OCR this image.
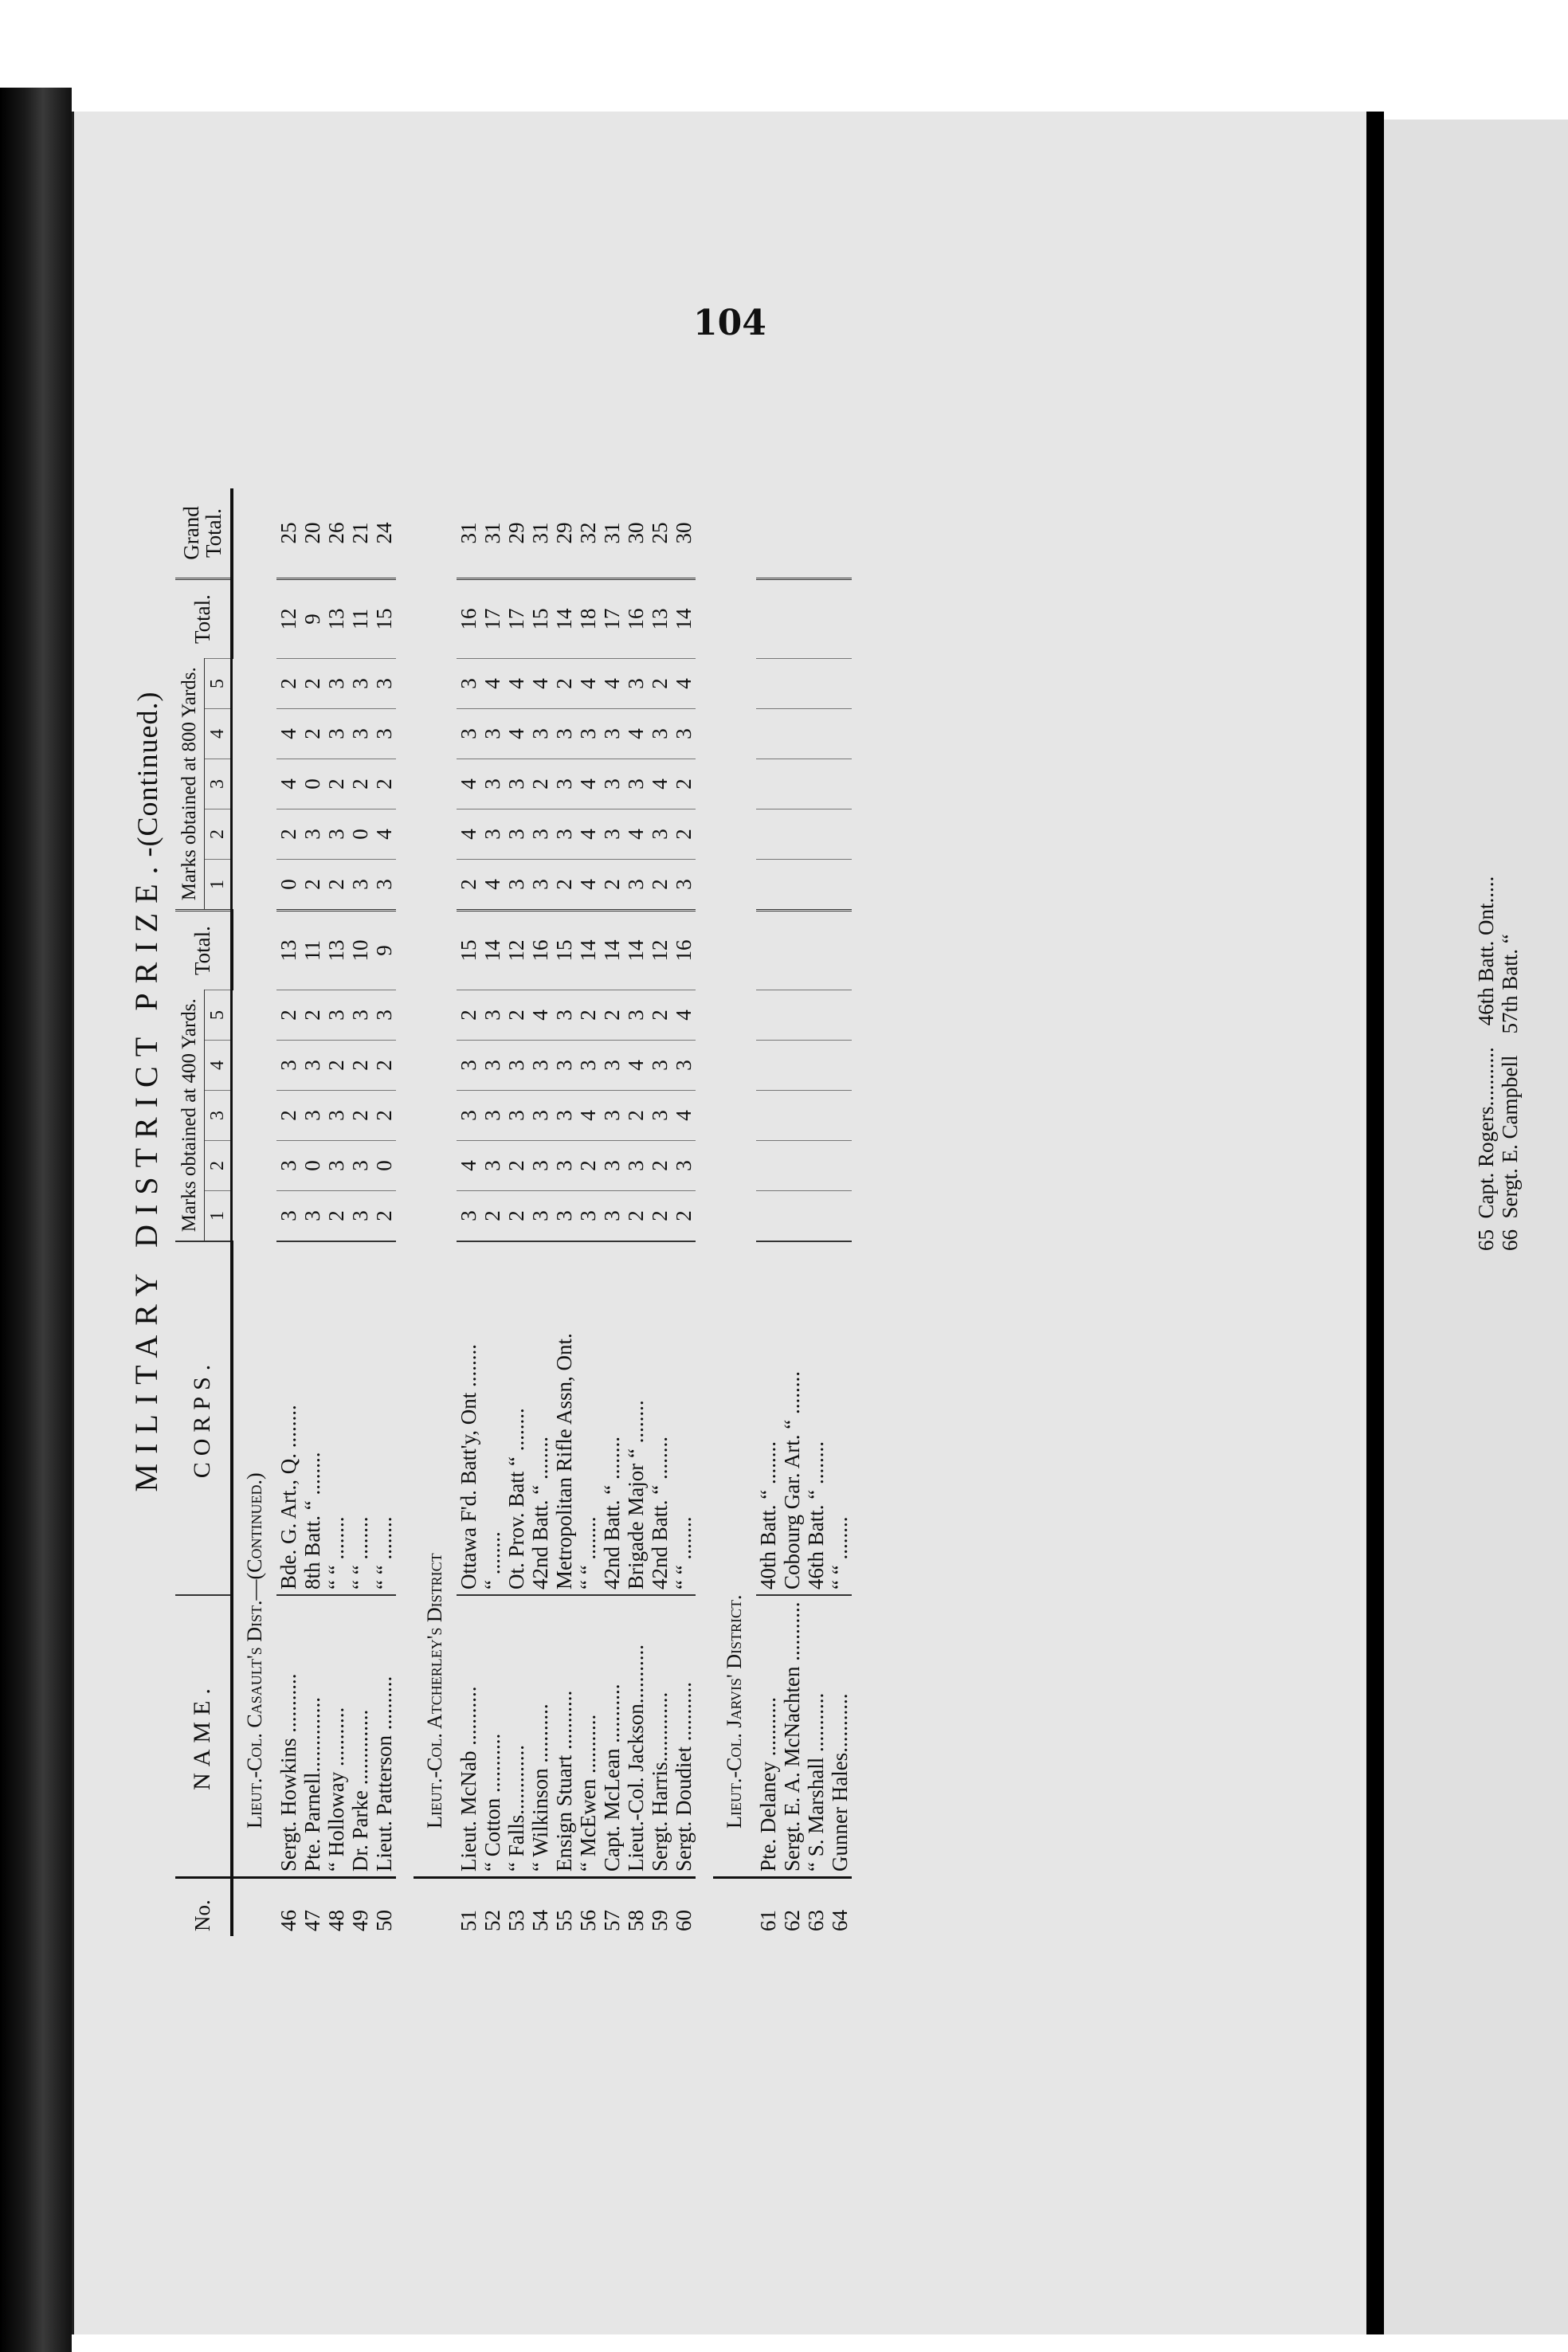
104
MILITARY DISTRICT PRIZE.-(Continued.)
No.	NAME.	CORPS.	Marks obtained at 400 Yards.					Total.	Marks obtained at 800 Yards.					Total.	Grand Total.
			1	2	3	4	5		1	2	3	4	5		
	Lieut.-Col. Casault's Dist.—(Continued.)														
46	Sergt. Howkins ...........	Bde. G. Art., Q. ........	3	3	2	3	2	13	0	2	4	4	2	12	25
47	Pte. Parnell..............	8th Batt. “ ........	3	0	3	3	2	11	2	3	0	2	2	9	20
48	“ Holloway ...........	“ “ ........	2	3	3	2	3	13	2	3	2	3	3	13	26
49	Dr. Parke ..............	“ “ ........	3	3	2	2	3	10	3	0	2	3	3	11	21
50	Lieut. Patterson ..........	“ “ ........	2	0	2	2	3	9	3	4	2	3	3	15	24

	Lieut.-Col. Atcherley's District														
51	Lieut. McNab ...........	Ottawa F'd. Batt'y, Ont ........	3	4	3	3	2	15	2	4	4	3	3	16	31
52	“ Cotton ...........	“ ........	2	3	3	3	3	14	4	3	3	3	4	17	31
53	“ Falls.............	Ot. Prov. Batt “ ........	2	2	3	3	2	12	3	3	3	4	4	17	29
54	“ Wilkinson ...........	42nd Batt. “ ........	3	3	3	3	4	16	3	3	2	3	4	15	31
55	Ensign Stuart ...........	Metropolitan Rifle Assn, Ont.	3	3	3	3	3	15	2	3	3	3	2	14	29
56	“ McEwen ...........	“ “ ........	3	2	4	3	2	14	4	4	4	3	4	18	32
57	Capt. McLean ...........	42nd Batt. “ ........	3	3	3	3	2	14	2	3	3	3	4	17	31
58	Lieut.-Col. Jackson...........	Brigade Major “ ........	2	3	2	4	3	14	3	4	3	4	3	16	30
59	Sergt. Harris.............	42nd Batt. “ ........	2	2	3	3	2	12	2	3	4	3	2	13	25
60	Sergt. Doudiet ...........	“ “ ........	2	3	4	3	4	16	3	2	2	3	4	14	30

	Lieut.-Col. Jarvis' District.														
61	Pte. Delaney ...........	40th Batt. “ ........													
62	Sergt. E. A. McNachten ...........	Cobourg Gar. Art. “ ........													
63	“ S. Marshall ...........	46th Batt. “ ........													
64	Gunner Hales...........	“ “ ........													
65  Capt. Rogers...........    46th Batt. Ont.....
66  Sergt. E. Campbell    57th Batt. “
